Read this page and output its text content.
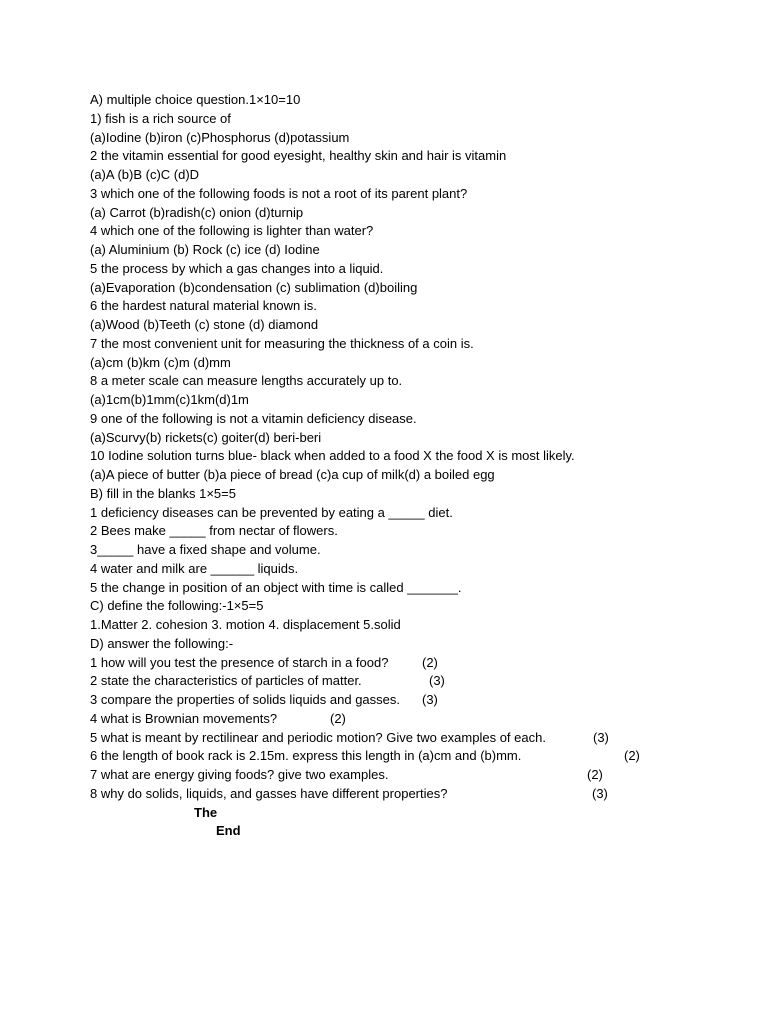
A) multiple choice question.1×10=10
1) fish is a rich source of
(a)Iodine (b)iron (c)Phosphorus (d)potassium
2 the vitamin essential for good eyesight, healthy skin and hair is vitamin
(a)A (b)B (c)C (d)D
3 which one of the following foods is not a root of its parent plant?
(a) Carrot (b)radish(c) onion (d)turnip
4 which one of the following is lighter than water?
(a) Aluminium (b) Rock (c) ice (d) Iodine
5 the process by which a gas changes into a liquid.
(a)Evaporation (b)condensation (c) sublimation (d)boiling
6 the hardest natural material known is.
(a)Wood (b)Teeth (c) stone (d) diamond
7 the most convenient unit for measuring the thickness of a coin is.
(a)cm (b)km (c)m (d)mm
8 a meter scale can measure lengths accurately up to.
(a)1cm(b)1mm(c)1km(d)1m
9 one of the following is not a vitamin deficiency disease.
(a)Scurvy(b) rickets(c) goiter(d) beri-beri
10 Iodine solution turns blue- black when added to a food X the food X is most likely.
(a)A piece of butter (b)a piece of bread (c)a cup of milk(d) a boiled egg
B) fill in the blanks 1×5=5
1 deficiency diseases can be prevented by eating a _____ diet.
2 Bees make _____ from nectar of flowers.
3_____ have a fixed shape and volume.
4 water and milk are ______ liquids.
5 the change in position of an object with time is called _______.
C) define the following:-1×5=5
1.Matter 2. cohesion 3. motion 4. displacement 5.solid
D) answer the following:-
1 how will you test the presence of starch in a food?	(2)
2 state the characteristics of particles of matter.	(3)
3 compare the properties of solids liquids and gasses. (3)
4 what is Brownian movements?	(2)
5 what is meant by rectilinear and periodic motion? Give two examples of each.	(3)
6 the length of book rack is 2.15m. express this length in (a)cm and (b)mm.	(2)
7 what are energy giving foods? give two examples.	(2)
8 why do solids, liquids, and gasses have different properties?	(3)
The
End
